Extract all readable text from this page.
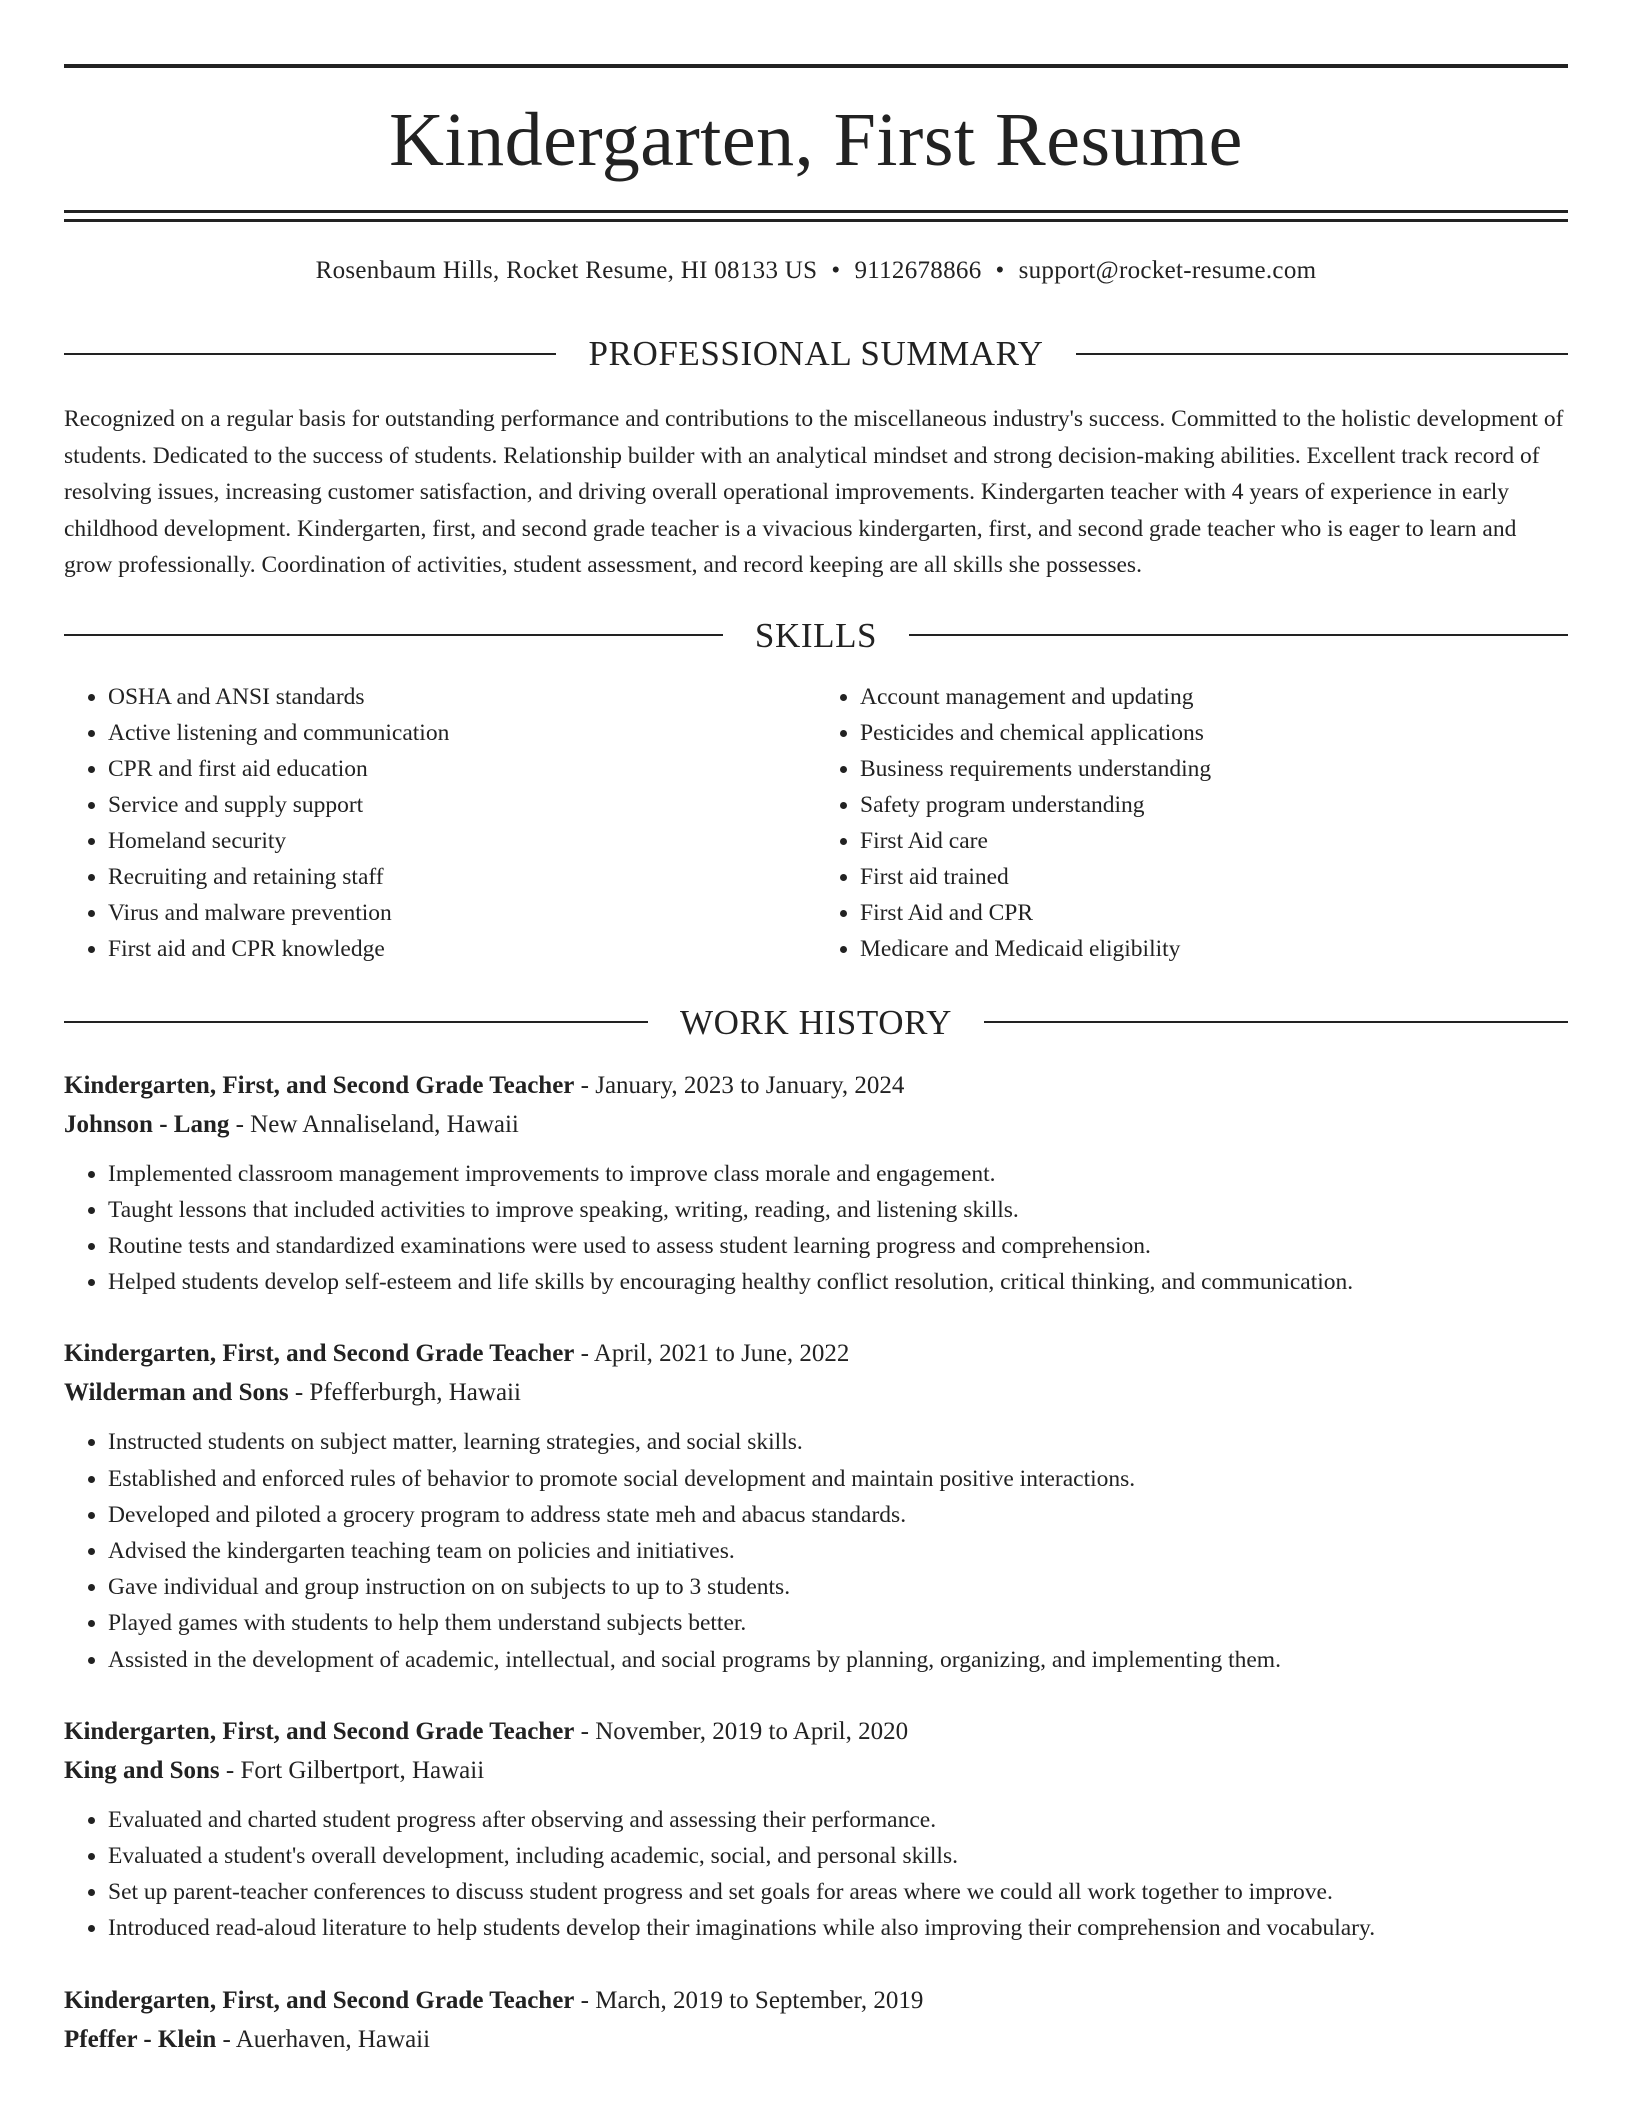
Kindergarten, First Resume
Rosenbaum Hills, Rocket Resume, HI 08133 US • 9112678866 • support@rocket-resume.com
PROFESSIONAL SUMMARY

Recognized on a regular basis for outstanding performance and contributions to the miscellaneous industry's success. Committed to the holistic development of students. Dedicated to the success of students. Relationship builder with an analytical mindset and strong decision-making abilities. Excellent track record of resolving issues, increasing customer satisfaction, and driving overall operational improvements. Kindergarten teacher with 4 years of experience in early childhood development. Kindergarten, first, and second grade teacher is a vivacious kindergarten, first, and second grade teacher who is eager to learn and grow professionally. Coordination of activities, student assessment, and record keeping are all skills she possesses.

SKILLS
• OSHA and ANSI standards
• Active listening and communication
• CPR and first aid education
• Service and supply support
• Homeland security
• Recruiting and retaining staff
• Virus and malware prevention
• First aid and CPR knowledge
• Account management and updating
• Pesticides and chemical applications
• Business requirements understanding
• Safety program understanding
• First Aid care
• First aid trained
• First Aid and CPR
• Medicare and Medicaid eligibility
WORK HISTORY
Kindergarten, First, and Second Grade Teacher - January, 2023 to January, 2024
Johnson - Lang - New Annaliseland, Hawaii
• Implemented classroom management improvements to improve class morale and engagement.
• Taught lessons that included activities to improve speaking, writing, reading, and listening skills.
• Routine tests and standardized examinations were used to assess student learning progress and comprehension.
• Helped students develop self-esteem and life skills by encouraging healthy conflict resolution, critical thinking, and communication.
Kindergarten, First, and Second Grade Teacher - April, 2021 to June, 2022
Wilderman and Sons - Pfefferburgh, Hawaii
• Instructed students on subject matter, learning strategies, and social skills.
• Established and enforced rules of behavior to promote social development and maintain positive interactions.
• Developed and piloted a grocery program to address state meh and abacus standards.
• Advised the kindergarten teaching team on policies and initiatives.
• Gave individual and group instruction on on subjects to up to 3 students.
• Played games with students to help them understand subjects better.
• Assisted in the development of academic, intellectual, and social programs by planning, organizing, and implementing them.
Kindergarten, First, and Second Grade Teacher - November, 2019 to April, 2020
King and Sons - Fort Gilbertport, Hawaii
• Evaluated and charted student progress after observing and assessing their performance.
• Evaluated a student's overall development, including academic, social, and personal skills.
• Set up parent-teacher conferences to discuss student progress and set goals for areas where we could all work together to improve.
• Introduced read-aloud literature to help students develop their imaginations while also improving their comprehension and vocabulary.
Kindergarten, First, and Second Grade Teacher - March, 2019 to September, 2019
Pfeffer - Klein - Auerhaven, Hawaii
